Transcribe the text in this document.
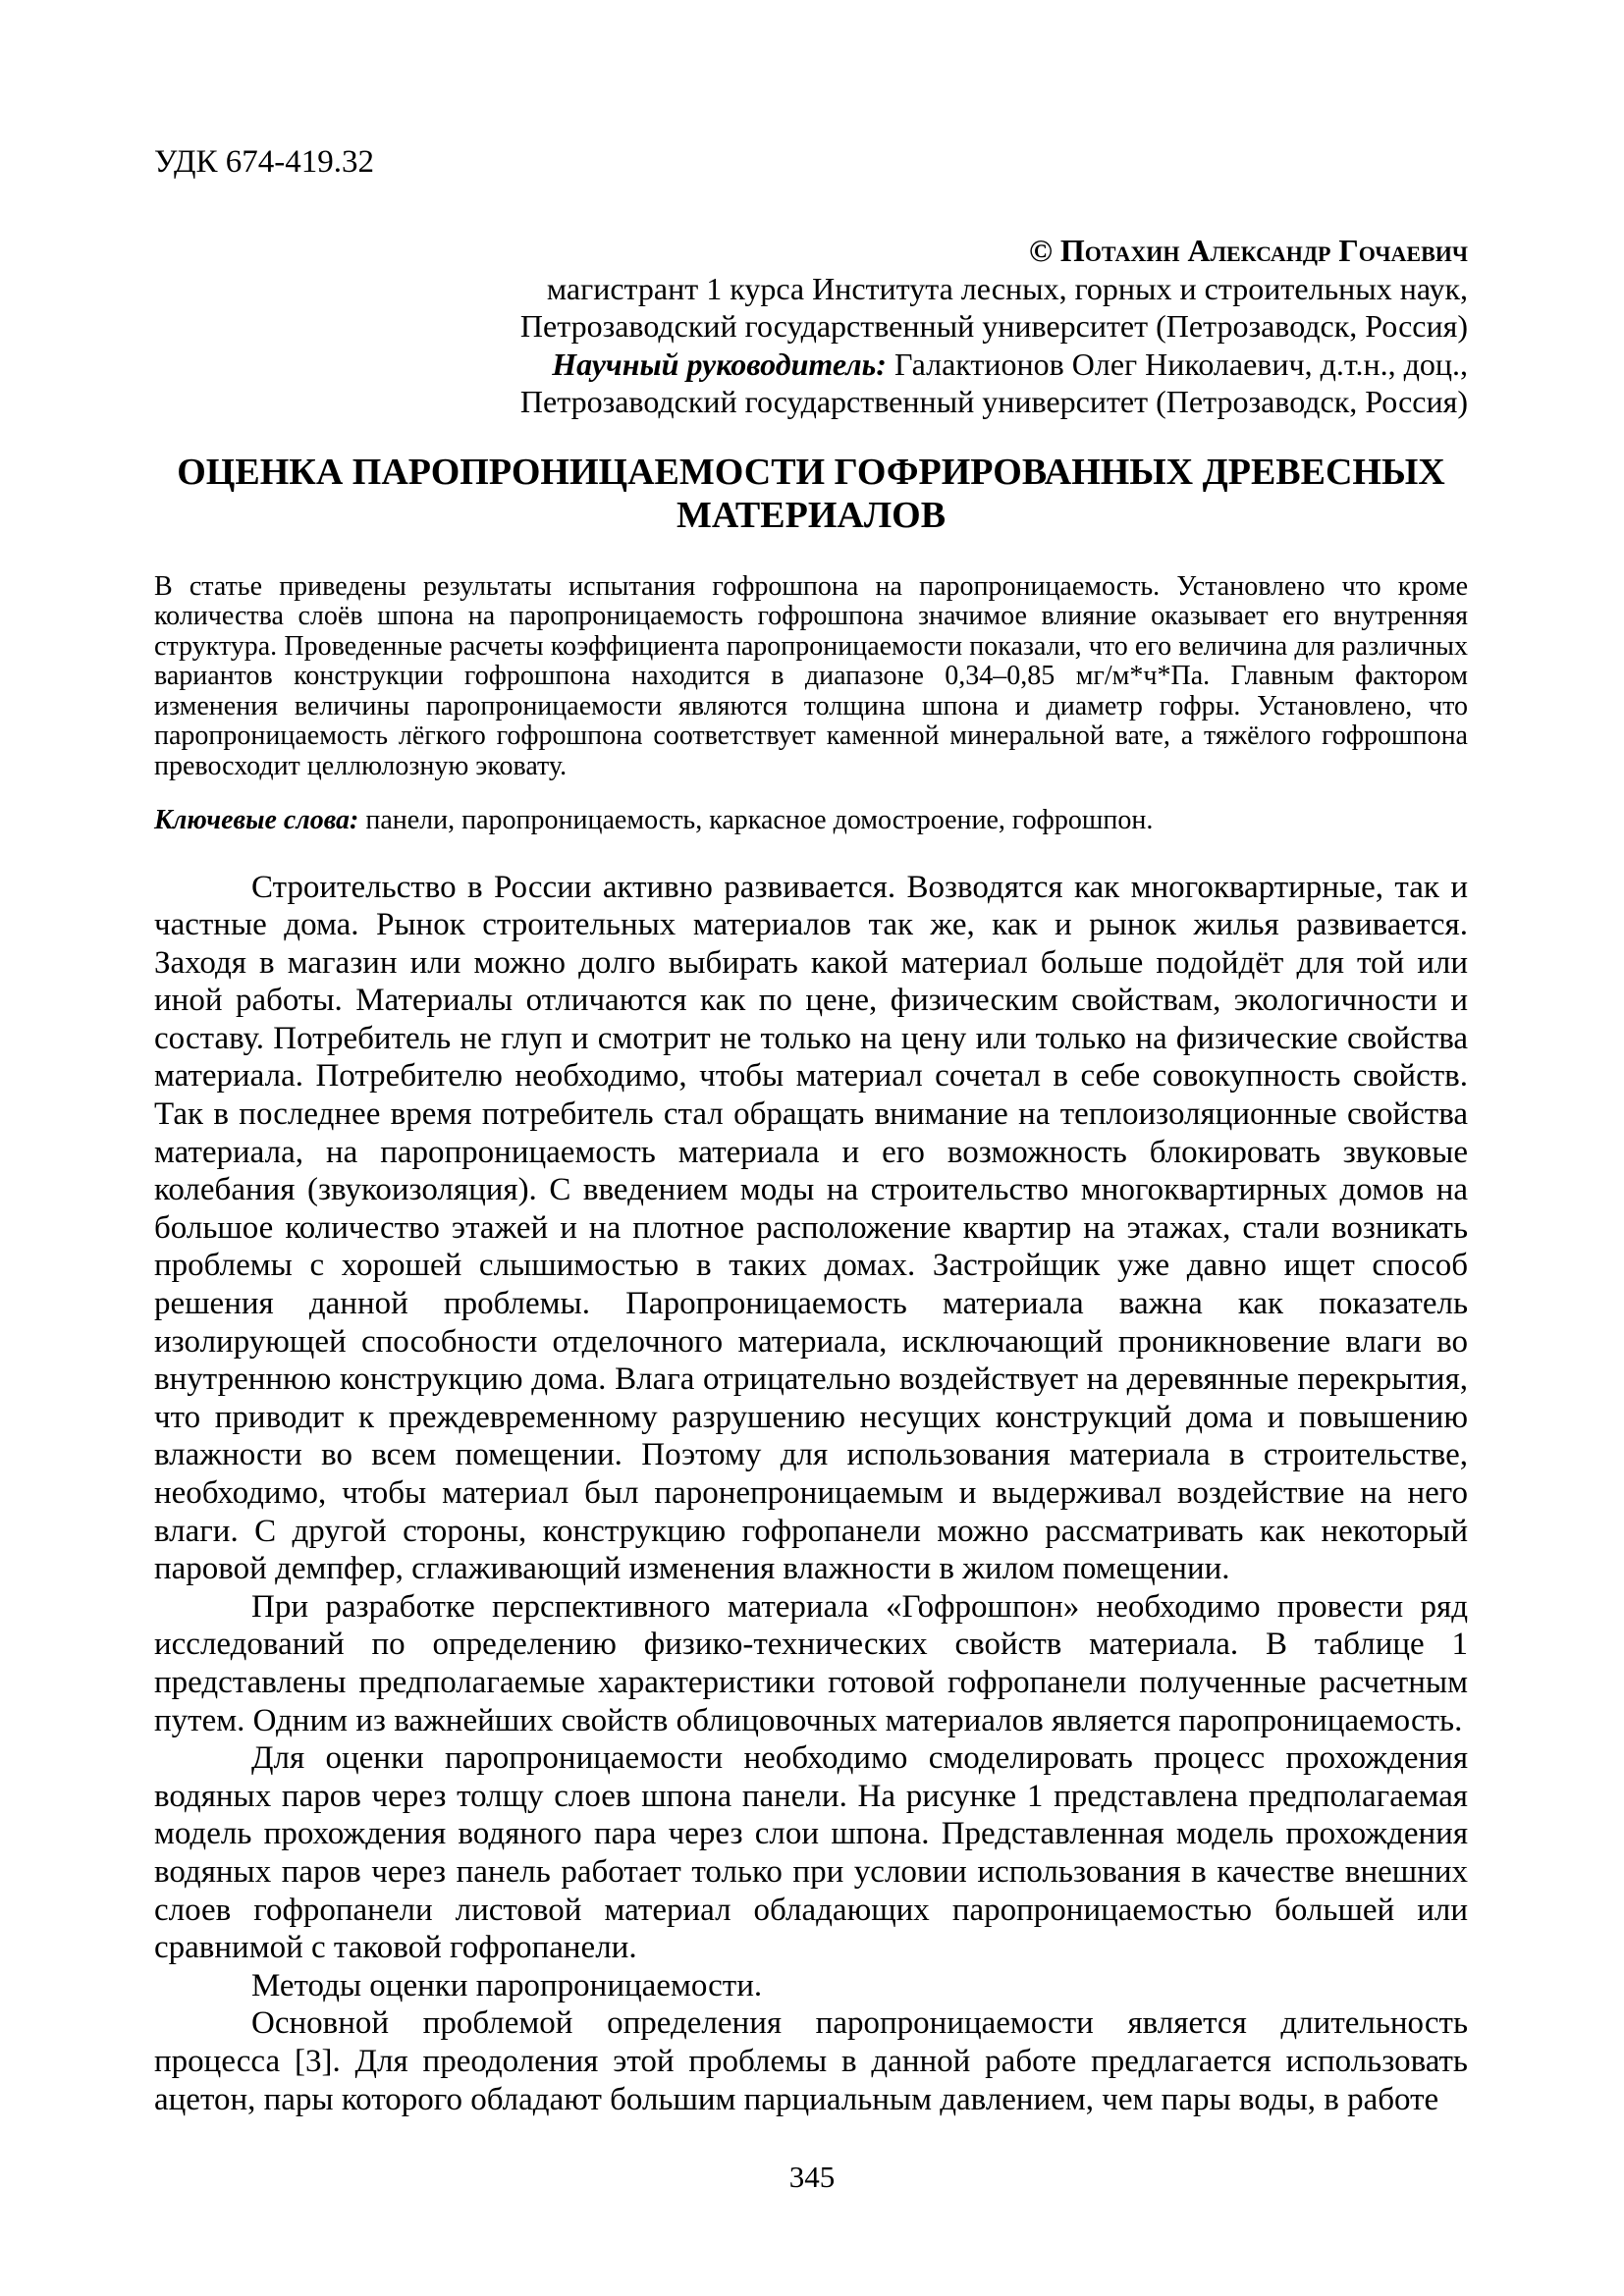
УДК 674-419.32
© Потахин Александр Гочаевич
магистрант 1 курса Института лесных, горных и строительных наук,
Петрозаводский государственный университет (Петрозаводск, Россия)
Научный руководитель: Галактионов Олег Николаевич, д.т.н., доц.,
Петрозаводский государственный университет (Петрозаводск, Россия)
ОЦЕНКА ПАРОПРОНИЦАЕМОСТИ ГОФРИРОВАННЫХ ДРЕВЕСНЫХ МАТЕРИАЛОВ
В статье приведены результаты испытания гофрошпона на паропроницаемость. Установлено что кроме количества слоёв шпона на паропроницаемость гофрошпона значимое влияние оказывает его внутренняя структура. Проведенные расчеты коэффициента паропроницаемости показали, что его величина для различных вариантов конструкции гофрошпона находится в диапазоне 0,34–0,85 мг/м*ч*Па. Главным фактором изменения величины паропроницаемости являются толщина шпона и диаметр гофры. Установлено, что паропроницаемость лёгкого гофрошпона соответствует каменной минеральной вате, а тяжёлого гофрошпона превосходит целлюлозную эковату.
Ключевые слова: панели, паропроницаемость, каркасное домостроение, гофрошпон.

Строительство в России активно развивается. Возводятся как многоквартирные, так и частные дома. Рынок строительных материалов так же, как и рынок жилья развивается. Заходя в магазин или можно долго выбирать какой материал больше подойдёт для той или иной работы. Материалы отличаются как по цене, физическим свойствам, экологичности и составу. Потребитель не глуп и смотрит не только на цену или только на физические свойства материала. Потребителю необходимо, чтобы материал сочетал в себе совокупность свойств. Так в последнее время потребитель стал обращать внимание на теплоизоляционные свойства материала, на паропроницаемость материала и его возможность блокировать звуковые колебания (звукоизоляция). С введением моды на строительство многоквартирных домов на большое количество этажей и на плотное расположение квартир на этажах, стали возникать проблемы с хорошей слышимостью в таких домах. Застройщик уже давно ищет способ решения данной проблемы. Паропроницаемость материала важна как показатель изолирующей способности отделочного материала, исключающий проникновение влаги во внутреннюю конструкцию дома. Влага отрицательно воздействует на деревянные перекрытия, что приводит к преждевременному разрушению несущих конструкций дома и повышению влажности во всем помещении. Поэтому для использования материала в строительстве, необходимо, чтобы материал был паронепроницаемым и выдерживал воздействие на него влаги. С другой стороны, конструкцию гофропанели можно рассматривать как некоторый паровой демпфер, сглаживающий изменения влажности в жилом помещении.

При разработке перспективного материала «Гофрошпон» необходимо провести ряд исследований по определению физико-технических свойств материала. В таблице 1 представлены предполагаемые характеристики готовой гофропанели полученные расчетным путем. Одним из важнейших свойств облицовочных материалов является паропроницаемость.

Для оценки паропроницаемости необходимо смоделировать процесс прохождения водяных паров через толщу слоев шпона панели. На рисунке 1 представлена предполагаемая модель прохождения водяного пара через слои шпона. Представленная модель прохождения водяных паров через панель работает только при условии использования в качестве внешних слоев гофропанели листовой материал обладающих паропроницаемостью большей или сравнимой с таковой гофропанели.

Методы оценки паропроницаемости.

Основной проблемой определения паропроницаемости является длительность процесса [3]. Для преодоления этой проблемы в данной работе предлагается использовать ацетон, пары которого обладают большим парциальным давлением, чем пары воды, в работе

345
